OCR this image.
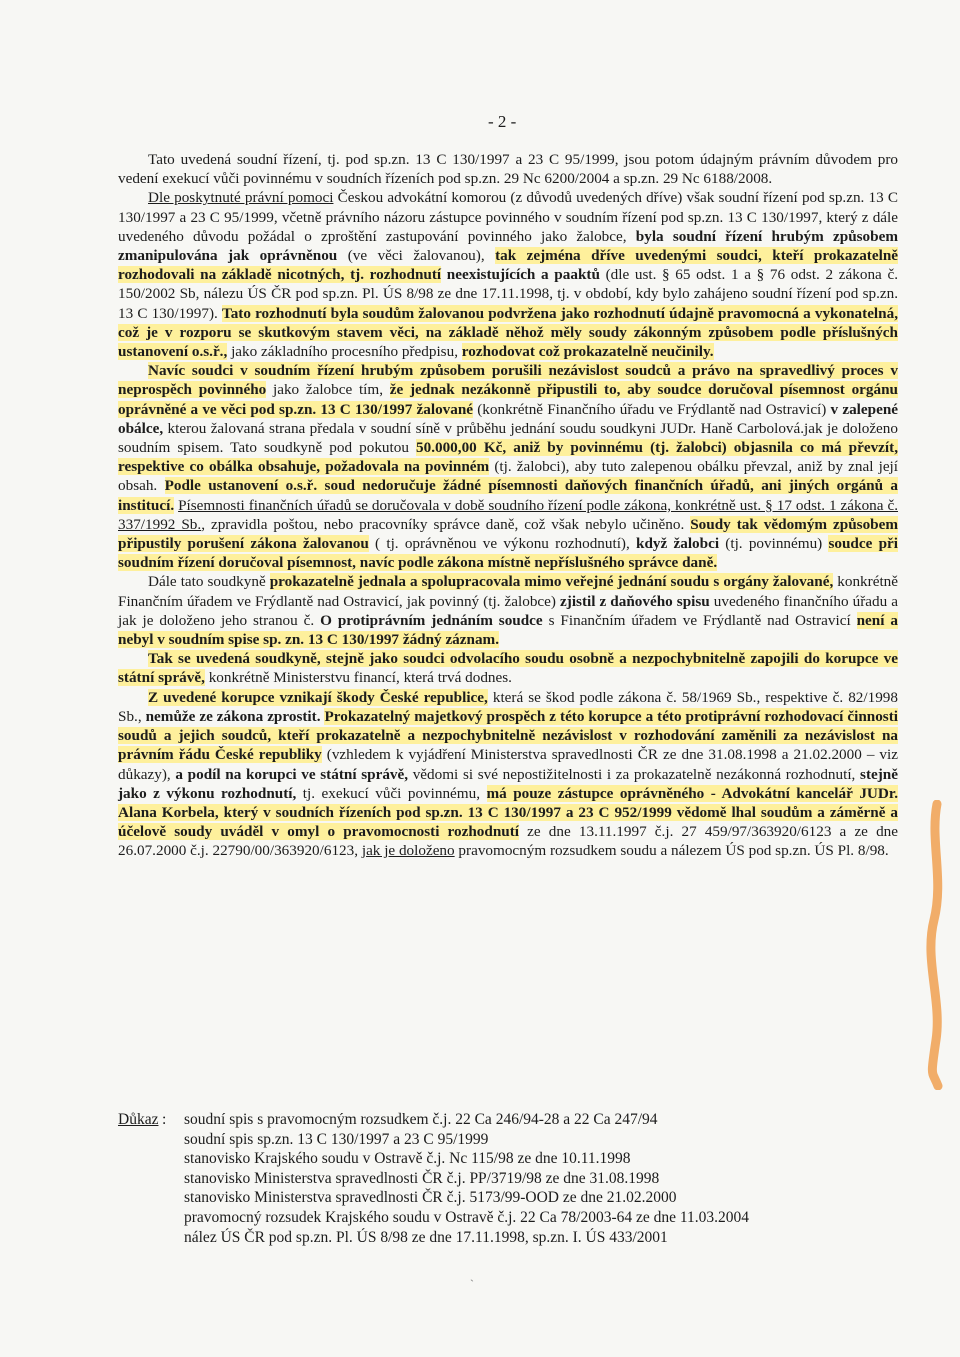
- 2 -

Tato uvedená soudní řízení, tj. pod sp.zn. 13 C 130/1997 a 23 C 95/1999, jsou potom údajným právním důvodem pro vedení exekucí vůči povinnému v soudních řízeních pod sp.zn. 29 Nc 6200/2004 a sp.zn. 29 Nc 6188/2008.

Dle poskytnuté právní pomoci Českou advokátní komorou (z důvodů uvedených dříve) však soudní řízení pod sp.zn. 13 C 130/1997 a 23 C 95/1999, včetně právního názoru zástupce povinného v soudním řízení pod sp.zn. 13 C 130/1997, který z dále uvedeného důvodu požádal o zproštění zastupování povinného jako žalobce, byla soudní řízení hrubým způsobem zmanipulována jak oprávněnou (ve věci žalovanou), tak zejména dříve uvedenými soudci, kteří prokazatelně rozhodovali na základě nicotných, tj. rozhodnutí neexistujících a paaktů (dle ust. § 65 odst. 1 a § 76 odst. 2 zákona č. 150/2002 Sb, nálezu ÚS ČR pod sp.zn. Pl. ÚS 8/98 ze dne 17.11.1998, tj. v období, kdy bylo zahájeno soudní řízení pod sp.zn. 13 C 130/1997). Tato rozhodnutí byla soudům žalovanou podvržena jako rozhodnutí údajně pravomocná a vykonatelná, což je v rozporu se skutkovým stavem věci, na základě něhož měly soudy zákonným způsobem podle příslušných ustanovení o.s.ř., jako základního procesního předpisu, rozhodovat což prokazatelně neučinily.

Navíc soudci v soudním řízení hrubým způsobem porušili nezávislost soudců a právo na spravedlivý proces v neprospěch povinného jako žalobce tím, že jednak nezákonně připustili to, aby soudce doručoval písemnost orgánu oprávněné a ve věci pod sp.zn. 13 C 130/1997 žalované (konkrétně Finančního úřadu ve Frýdlantě nad Ostravicí) v zalepené obálce, kterou žalovaná strana předala v soudní síně v průběhu jednání soudu soudkyni JUDr. Haně Carbolová.jak je doloženo soudním spisem. Tato soudkyně pod pokutou 50.000,00 Kč, aniž by povinnému (tj. žalobci) objasnila co má převzít, respektive co obálka obsahuje, požadovala na povinném (tj. žalobci), aby tuto zalepenou obálku převzal, aniž by znal její obsah. Podle ustanovení o.s.ř. soud nedoručuje žádné písemnosti daňových finančních úřadů, ani jiných orgánů a institucí. Písemnosti finančních úřadů se doručovala v době soudního řízení podle zákona, konkrétně ust. § 17 odst. 1 zákona č. 337/1992 Sb., zpravidla poštou, nebo pracovníky správce daně, což však nebylo učiněno. Soudy tak vědomým způsobem připustily porušení zákona žalovanou ( tj. oprávněnou ve výkonu rozhodnutí), když žalobci (tj. povinnému) soudce při soudním řízení doručoval písemnost, navíc podle zákona místně nepříslušného správce daně.

Dále tato soudkyně prokazatelně jednala a spolupracovala mimo veřejné jednání soudu s orgány žalované, konkrétně Finančním úřadem ve Frýdlantě nad Ostravicí, jak povinný (tj. žalobce) zjistil z daňového spisu uvedeného finančního úřadu a jak je doloženo jeho stranou č. O protiprávním jednáním soudce s Finančním úřadem ve Frýdlantě nad Ostravicí není a nebyl v soudním spise sp. zn. 13 C 130/1997 žádný záznam.

Tak se uvedená soudkyně, stejně jako soudci odvolacího soudu osobně a nezpochybnitelně zapojili do korupce ve státní správě, konkrétně Ministerstvu financí, která trvá dodnes.

Z uvedené korupce vznikají škody České republice, která se škod podle zákona č. 58/1969 Sb., respektive č. 82/1998 Sb., nemůže ze zákona zprostit. Prokazatelný majetkový prospěch z této korupce a této protiprávní rozhodovací činnosti soudů a jejich soudců, kteří prokazatelně a nezpochybnitelně nezávislost v rozhodování zaměnili za nezávislost na právním řádu České republiky (vzhledem k vyjádření Ministerstva spravedlnosti ČR ze dne 31.08.1998 a 21.02.2000 – viz důkazy), a podíl na korupci ve státní správě, vědomi si své nepostižitelnosti i za prokazatelně nezákonná rozhodnutí, stejně jako z výkonu rozhodnutí, tj. exekucí vůči povinnému, má pouze zástupce oprávněného - Advokátní kancelář JUDr. Alana Korbela, který v soudních řízeních pod sp.zn. 13 C 130/1997 a 23 C 952/1999 vědomě lhal soudům a záměrně a účelově soudy uváděl v omyl o pravomocnosti rozhodnutí ze dne 13.11.1997 č.j. 27 459/97/363920/6123 a ze dne 26.07.2000 č.j. 22790/00/363920/6123, jak je doloženo pravomocným rozsudkem soudu a nálezem ÚS pod sp.zn. ÚS Pl. 8/98.

Důkaz : soudní spis s pravomocným rozsudkem č.j. 22 Ca 246/94-28 a 22 Ca 247/94
soudní spis sp.zn. 13 C 130/1997 a 23 C 95/1999
stanovisko Krajského soudu v Ostravě č.j. Nc 115/98 ze dne 10.11.1998
stanovisko Ministerstva spravedlnosti ČR č.j. PP/3719/98 ze dne 31.08.1998
stanovisko Ministerstva spravedlnosti ČR č.j. 5173/99-OOD ze dne 21.02.2000
pravomocný rozsudek Krajského soudu v Ostravě č.j. 22 Ca 78/2003-64 ze dne 11.03.2004
nález ÚS ČR pod sp.zn. Pl. ÚS 8/98 ze dne 17.11.1998, sp.zn. I. ÚS 433/2001
ˏ
